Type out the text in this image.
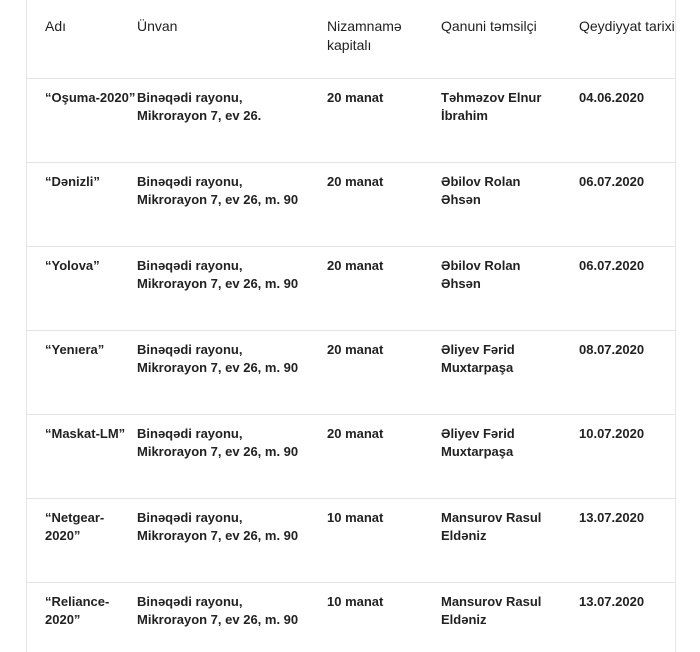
Adı	Ünvan	Nizamnamə kapitalı	Qanuni təmsilçi	Qeydiyyat tarixi

“Oşuma-2020”	Binəqədi rayonu, Mikrorayon 7, ev 26.	20 manat	Təhməzov Elnur İbrahim	04.06.2020

“Dənizli”	Binəqədi rayonu, Mikrorayon 7, ev 26, m. 90	20 manat	Əbilov Rolan Əhsən	06.07.2020

“Yolova”	Binəqədi rayonu, Mikrorayon 7, ev 26, m. 90	20 manat	Əbilov Rolan Əhsən	06.07.2020

“Yenıera”	Binəqədi rayonu, Mikrorayon 7, ev 26, m. 90	20 manat	Əliyev Fərid Muxtarpaşa	08.07.2020

“Maskat-LM”	Binəqədi rayonu, Mikrorayon 7, ev 26, m. 90	20 manat	Əliyev Fərid Muxtarpaşa	10.07.2020

“Netgear-2020”	Binəqədi rayonu, Mikrorayon 7, ev 26, m. 90	10 manat	Mansurov Rasul Eldəniz	13.07.2020

“Reliance-2020”	Binəqədi rayonu, Mikrorayon 7, ev 26, m. 90	10 manat	Mansurov Rasul Eldəniz	13.07.2020
